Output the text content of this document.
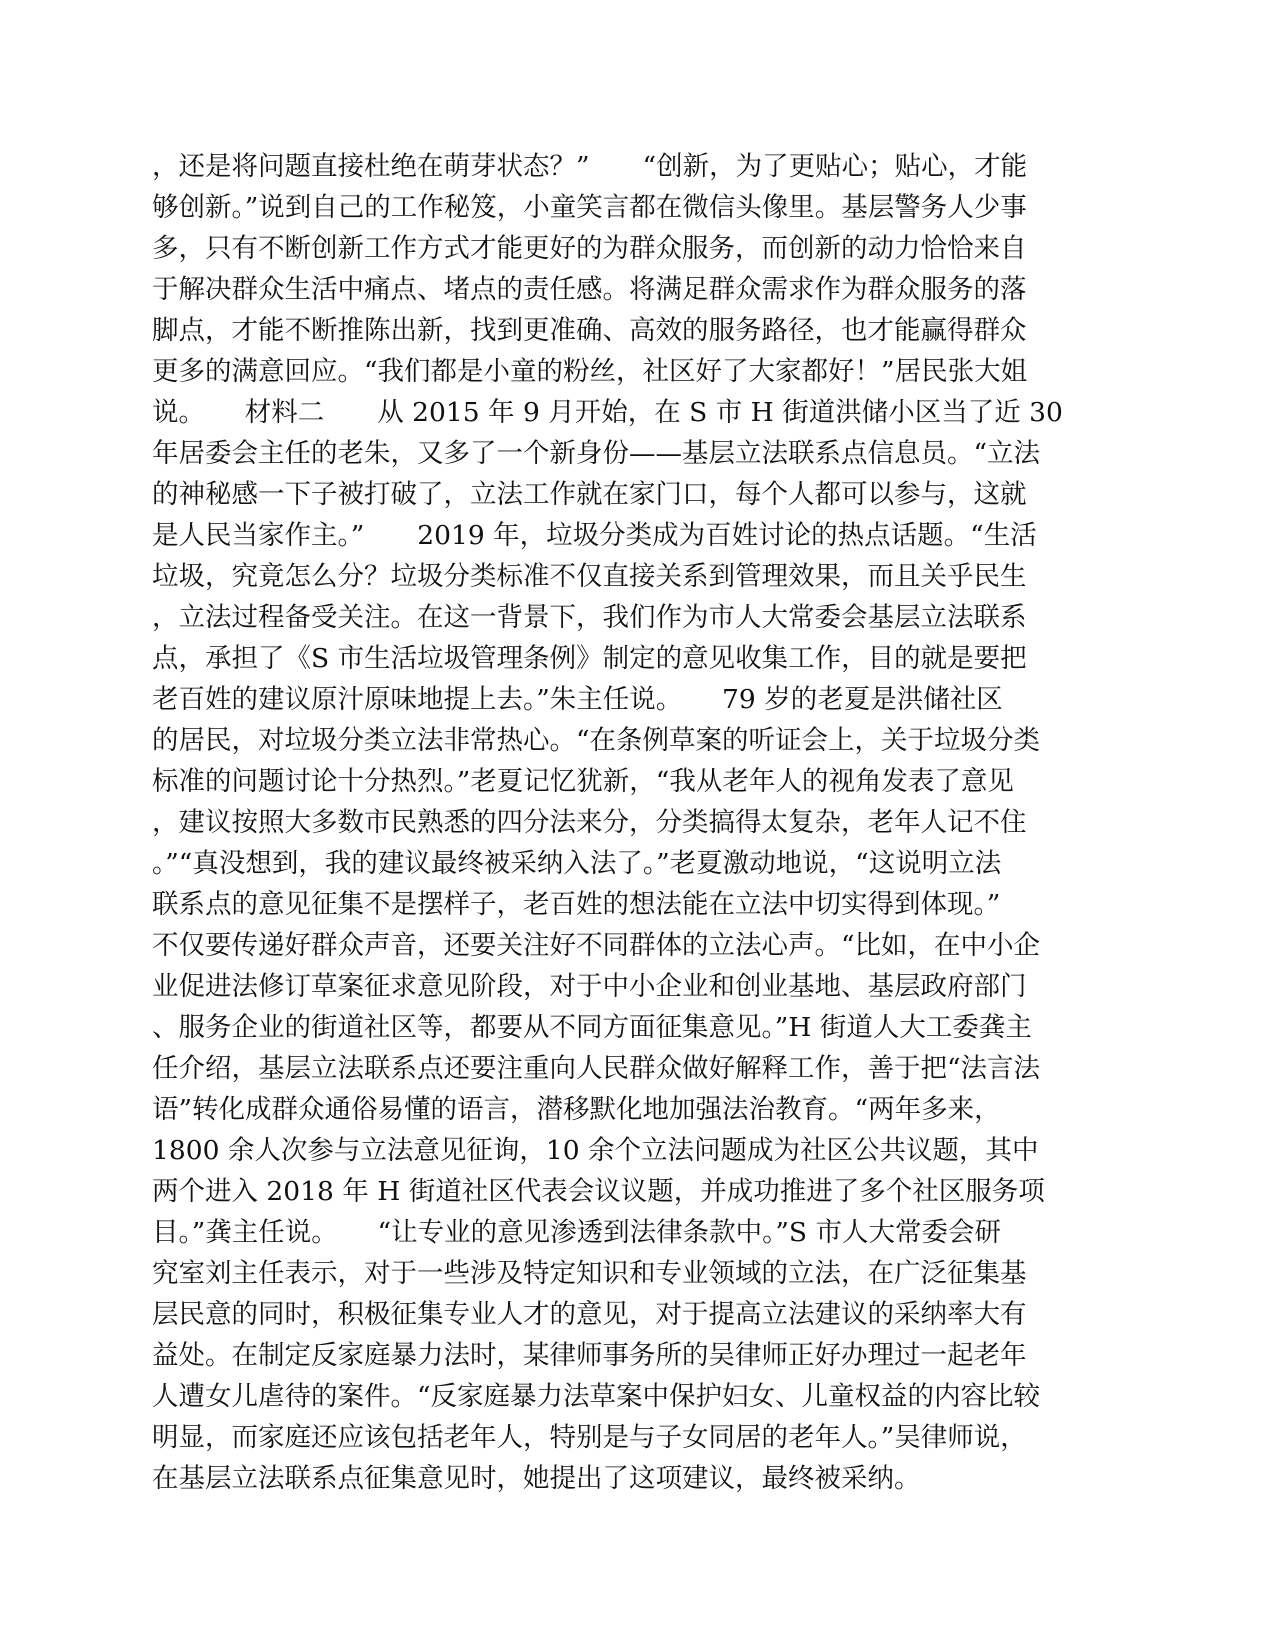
，还是将问题直接杜绝在萌芽状态？”　　“创新，为了更贴心；贴心，才能
够创新。”说到自己的工作秘笈，小童笑言都在微信头像里。基层警务人少事
多，只有不断创新工作方式才能更好的为群众服务，而创新的动力恰恰来自
于解决群众生活中痛点、堵点的责任感。将满足群众需求作为群众服务的落
脚点，才能不断推陈出新，找到更准确、高效的服务路径，也才能赢得群众
更多的满意回应。“我们都是小童的粉丝，社区好了大家都好！”居民张大姐
说。　　材料二　　从 2015 年 9 月开始，在 S 市 H 街道洪储小区当了近 30
年居委会主任的老朱，又多了一个新身份——基层立法联系点信息员。“立法
的神秘感一下子被打破了，立法工作就在家门口，每个人都可以参与，这就
是人民当家作主。”　　2019 年，垃圾分类成为百姓讨论的热点话题。“生活
垃圾，究竟怎么分？垃圾分类标准不仅直接关系到管理效果，而且关乎民生
，立法过程备受关注。在这一背景下，我们作为市人大常委会基层立法联系
点，承担了《S 市生活垃圾管理条例》制定的意见收集工作，目的就是要把
老百姓的建议原汁原味地提上去。”朱主任说。　　79 岁的老夏是洪储社区
的居民，对垃圾分类立法非常热心。“在条例草案的听证会上，关于垃圾分类
标准的问题讨论十分热烈。”老夏记忆犹新，“我从老年人的视角发表了意见
，建议按照大多数市民熟悉的四分法来分，分类搞得太复杂，老年人记不住
。”“真没想到，我的建议最终被采纳入法了。”老夏激动地说，“这说明立法
联系点的意见征集不是摆样子，老百姓的想法能在立法中切实得到体现。”
不仅要传递好群众声音，还要关注好不同群体的立法心声。“比如，在中小企
业促进法修订草案征求意见阶段，对于中小企业和创业基地、基层政府部门
、服务企业的街道社区等，都要从不同方面征集意见。”H 街道人大工委龚主
任介绍，基层立法联系点还要注重向人民群众做好解释工作，善于把“法言法
语”转化成群众通俗易懂的语言，潜移默化地加强法治教育。“两年多来，
1800 余人次参与立法意见征询，10 余个立法问题成为社区公共议题，其中
两个进入 2018 年 H 街道社区代表会议议题，并成功推进了多个社区服务项
目。”龚主任说。　　“让专业的意见渗透到法律条款中。”S 市人大常委会研
究室刘主任表示，对于一些涉及特定知识和专业领域的立法，在广泛征集基
层民意的同时，积极征集专业人才的意见，对于提高立法建议的采纳率大有
益处。在制定反家庭暴力法时，某律师事务所的吴律师正好办理过一起老年
人遭女儿虐待的案件。“反家庭暴力法草案中保护妇女、儿童权益的内容比较
明显，而家庭还应该包括老年人，特别是与子女同居的老年人。”吴律师说，
在基层立法联系点征集意见时，她提出了这项建议，最终被采纳。
